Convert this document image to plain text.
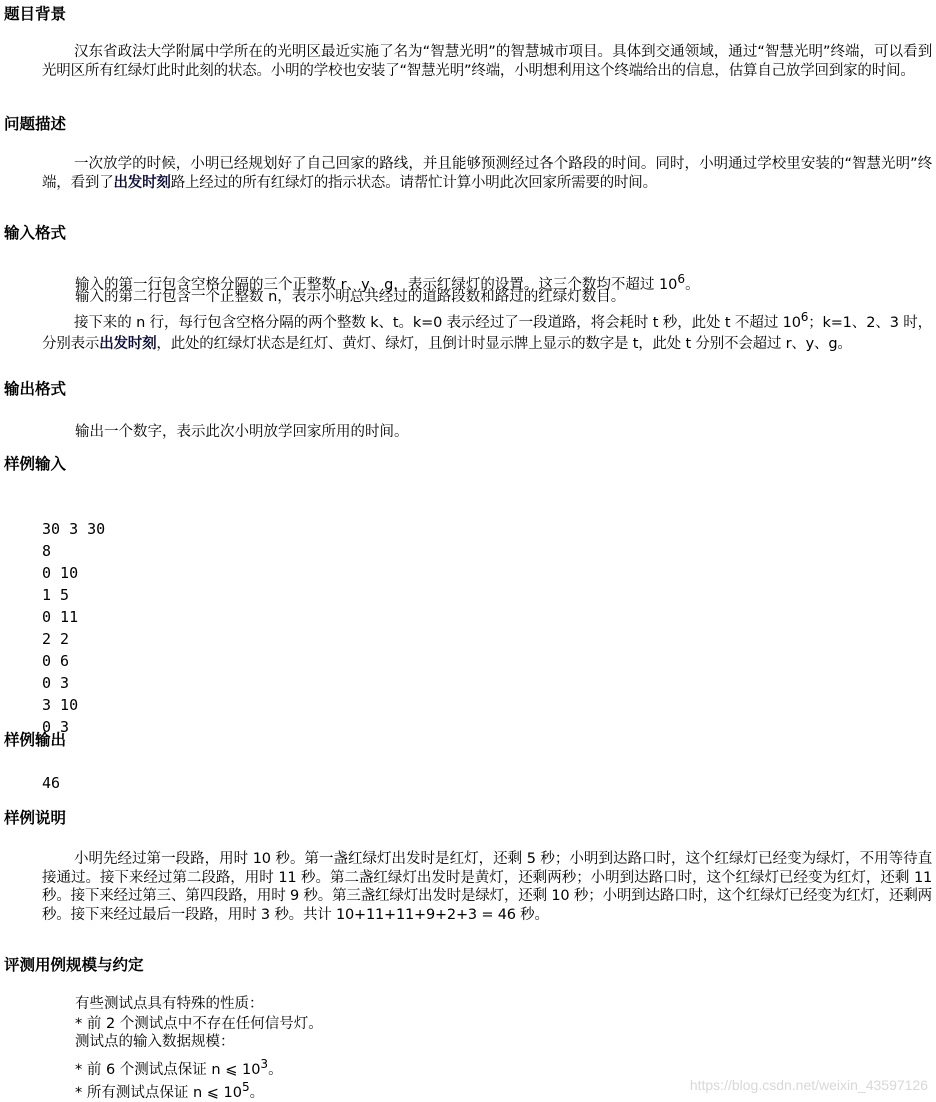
题目背景
汉东省政法大学附属中学所在的光明区最近实施了名为“智慧光明”的智慧城市项目。具体到交通领域，通过“智慧光明”终端，可以看到光明区所有红绿灯此时此刻的状态。小明的学校也安装了“智慧光明”终端，小明想利用这个终端给出的信息，估算自己放学回到家的时间。
问题描述
一次放学的时候，小明已经规划好了自己回家的路线，并且能够预测经过各个路段的时间。同时，小明通过学校里安装的“智慧光明”终端，看到了出发时刻路上经过的所有红绿灯的指示状态。请帮忙计算小明此次回家所需要的时间。
输入格式
输入的第一行包含空格分隔的三个正整数 r、y、g，表示红绿灯的设置。这三个数均不超过 $10^6$。
输入的第二行包含一个正整数 n，表示小明总共经过的道路段数和路过的红绿灯数目。
接下来的 n 行，每行包含空格分隔的两个整数 k、t。k=0 表示经过了一段道路，将会耗时 t 秒，此处 t 不超过 $10^6$；k=1、2、3 时，分别表示出发时刻，此处的红绿灯状态是红灯、黄灯、绿灯，且倒计时显示牌上显示的数字是 t，此处 t 分别不会超过 r、y、g。
输出格式
输出一个数字，表示此次小明放学回家所用的时间。
样例输入

30 3 30
8
0 10
1 5
0 11
2 2
0 6
0 3
3 10
0 3

样例输出
46
样例说明
小明先经过第一段路，用时 10 秒。第一盏红绿灯出发时是红灯，还剩 5 秒；小明到达路口时，这个红绿灯已经变为绿灯，不用等待直接通过。接下来经过第二段路，用时 11 秒。第二盏红绿灯出发时是黄灯，还剩两秒；小明到达路口时，这个红绿灯已经变为红灯，还剩 11 秒。接下来经过第三、第四段路，用时 9 秒。第三盏红绿灯出发时是绿灯，还剩 10 秒；小明到达路口时，这个红绿灯已经变为红灯，还剩两秒。接下来经过最后一段路，用时 3 秒。共计 10+11+11+9+2+3 = 46 秒。
评测用例规模与约定
有些测试点具有特殊的性质：
* 前 2 个测试点中不存在任何信号灯。
测试点的输入数据规模：
* 前 6 个测试点保证 n ⩽ $10^3$。
* 所有测试点保证 n ⩽ $10^5$。	https://blog.csdn.net/weixin_43597126
